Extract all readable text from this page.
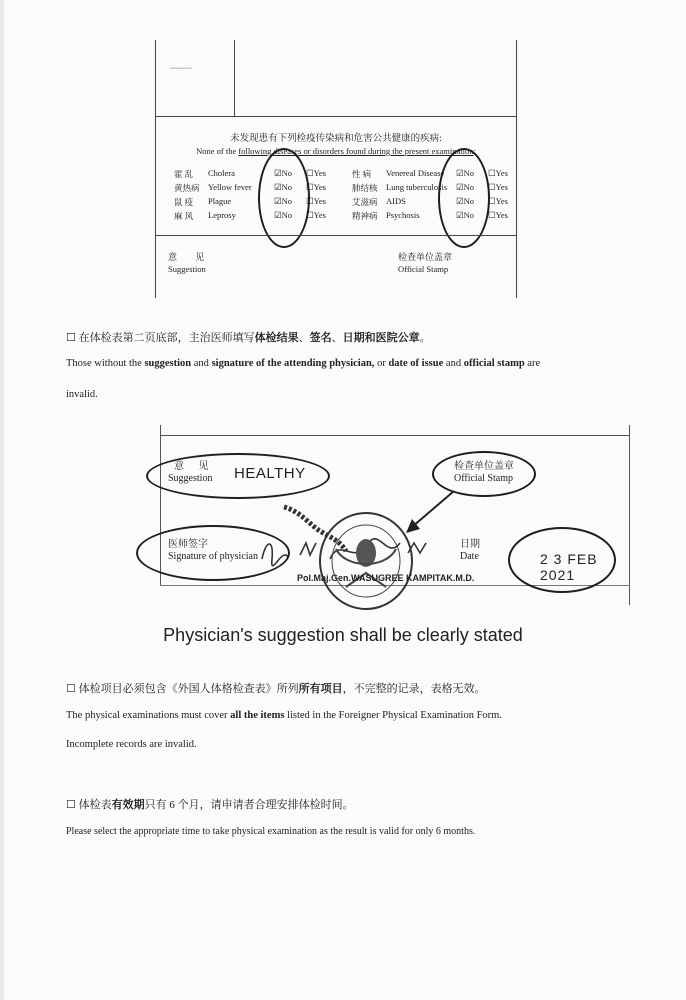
~~~~~
未发现患有下列检疫传染病和危害公共健康的疾病:
None of the following diseases or disorders found during the present examination:
霍 乱 Cholera	☑No ☐Yes
黄热病 Yellow fever	☑No ☐Yes
鼠 疫 Plague	☑No ☐Yes
麻 风 Leprosy	☑No ☐Yes
性 病 Venereal Disease ☑No ☐Yes
肺结核 Lung tuberculosis ☑No ☐Yes
艾滋病 AIDS	☑No ☐Yes
精神病 Psychosis	☑No ☐Yes
意 见
Suggestion
检查单位盖章
Official Stamp
☐ 在体检表第二页底部，主治医师填写体检结果、签名、日期和医院公章。
Those without the suggestion and signature of the attending physician, or date of issue and official stamp are
invalid.
意 见
Suggestion HEALTHY	检查单位盖章
Official Stamp
医师签字
Signature of physician
日期
Date	2 3 FEB 2021
Pol.Maj.Gen.WASUGREE KAMPITAK.M.D.
Physician's suggestion shall be clearly stated
☐ 体检项目必须包含《外国人体格检查表》所列所有项目，不完整的记录，表格无效。
The physical examinations must cover all the items listed in the Foreigner Physical Examination Form.
Incomplete records are invalid.
☐ 体检表有效期只有 6 个月，请申请者合理安排体检时间。
Please select the appropriate time to take physical examination as the result is valid for only 6 months.
